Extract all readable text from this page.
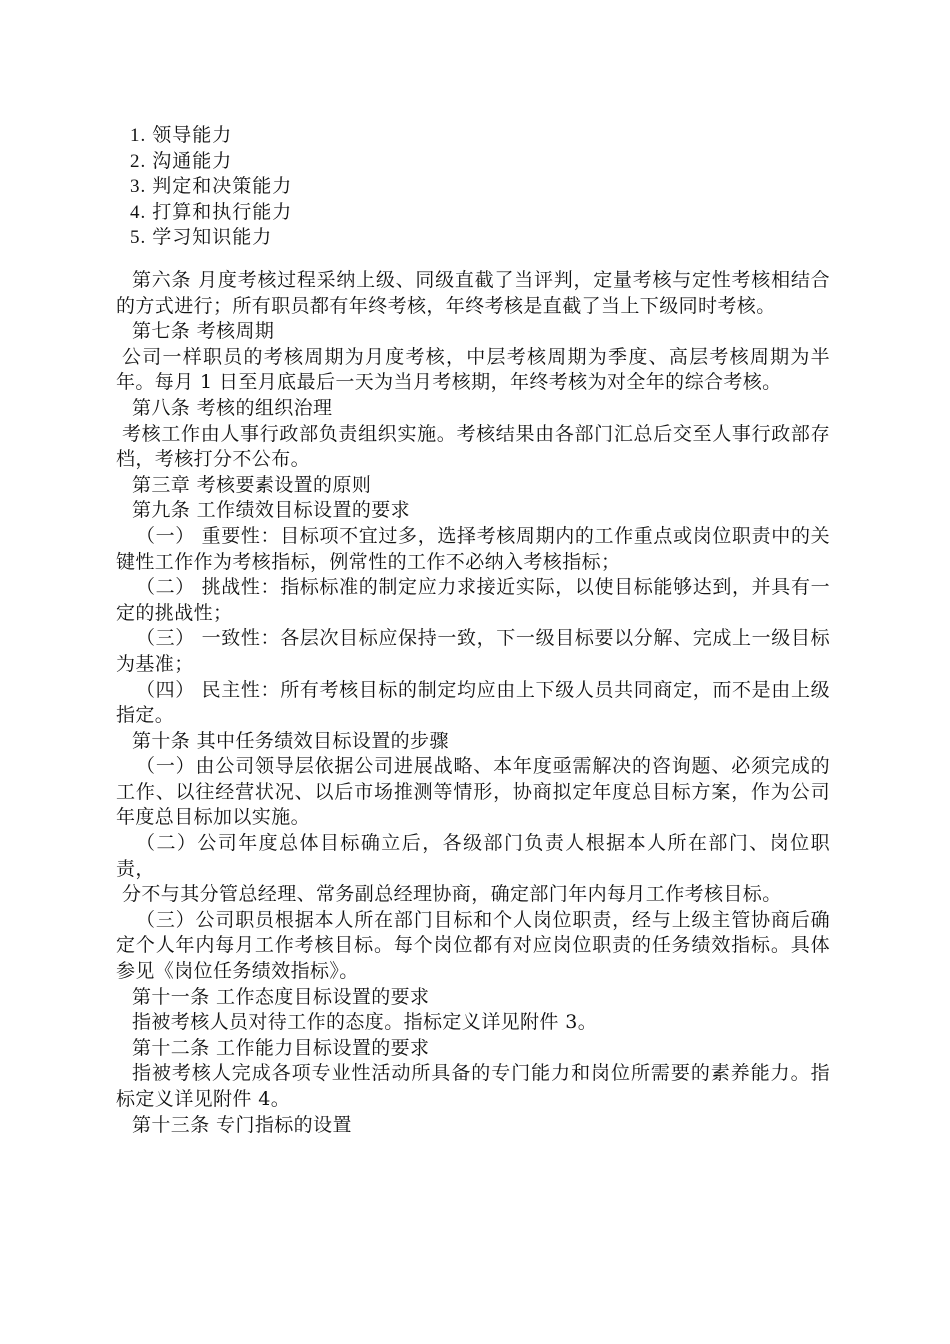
1. 领导能力
2. 沟通能力
3. 判定和决策能力
4. 打算和执行能力
5. 学习知识能力

第六条 月度考核过程采纳上级、同级直截了当评判，定量考核与定性考核相结合的方式进行；所有职员都有年终考核，年终考核是直截了当上下级同时考核。

第七条 考核周期

公司一样职员的考核周期为月度考核，中层考核周期为季度、高层考核周期为半年。每月 1 日至月底最后一天为当月考核期，年终考核为对全年的综合考核。

第八条 考核的组织治理

考核工作由人事行政部负责组织实施。考核结果由各部门汇总后交至人事行政部存档，考核打分不公布。

第三章 考核要素设置的原则

第九条 工作绩效目标设置的要求

（一） 重要性：目标项不宜过多，选择考核周期内的工作重点或岗位职责中的关键性工作作为考核指标，例常性的工作不必纳入考核指标；

（二） 挑战性：指标标准的制定应力求接近实际，以使目标能够达到，并具有一定的挑战性；

（三） 一致性：各层次目标应保持一致，下一级目标要以分解、完成上一级目标为基准；

（四） 民主性：所有考核目标的制定均应由上下级人员共同商定，而不是由上级指定。

第十条 其中任务绩效目标设置的步骤

（一）由公司领导层依据公司进展战略、本年度亟需解决的咨询题、必须完成的工作、以往经营状况、以后市场推测等情形，协商拟定年度总目标方案，作为公司年度总目标加以实施。

（二）公司年度总体目标确立后，各级部门负责人根据本人所在部门、岗位职责，

分不与其分管总经理、常务副总经理协商，确定部门年内每月工作考核目标。

（三）公司职员根据本人所在部门目标和个人岗位职责，经与上级主管协商后确定个人年内每月工作考核目标。每个岗位都有对应岗位职责的任务绩效指标。具体参见《岗位任务绩效指标》。

第十一条 工作态度目标设置的要求

指被考核人员对待工作的态度。指标定义详见附件 3。

第十二条 工作能力目标设置的要求

指被考核人完成各项专业性活动所具备的专门能力和岗位所需要的素养能力。指标定义详见附件 4。

第十三条 专门指标的设置
